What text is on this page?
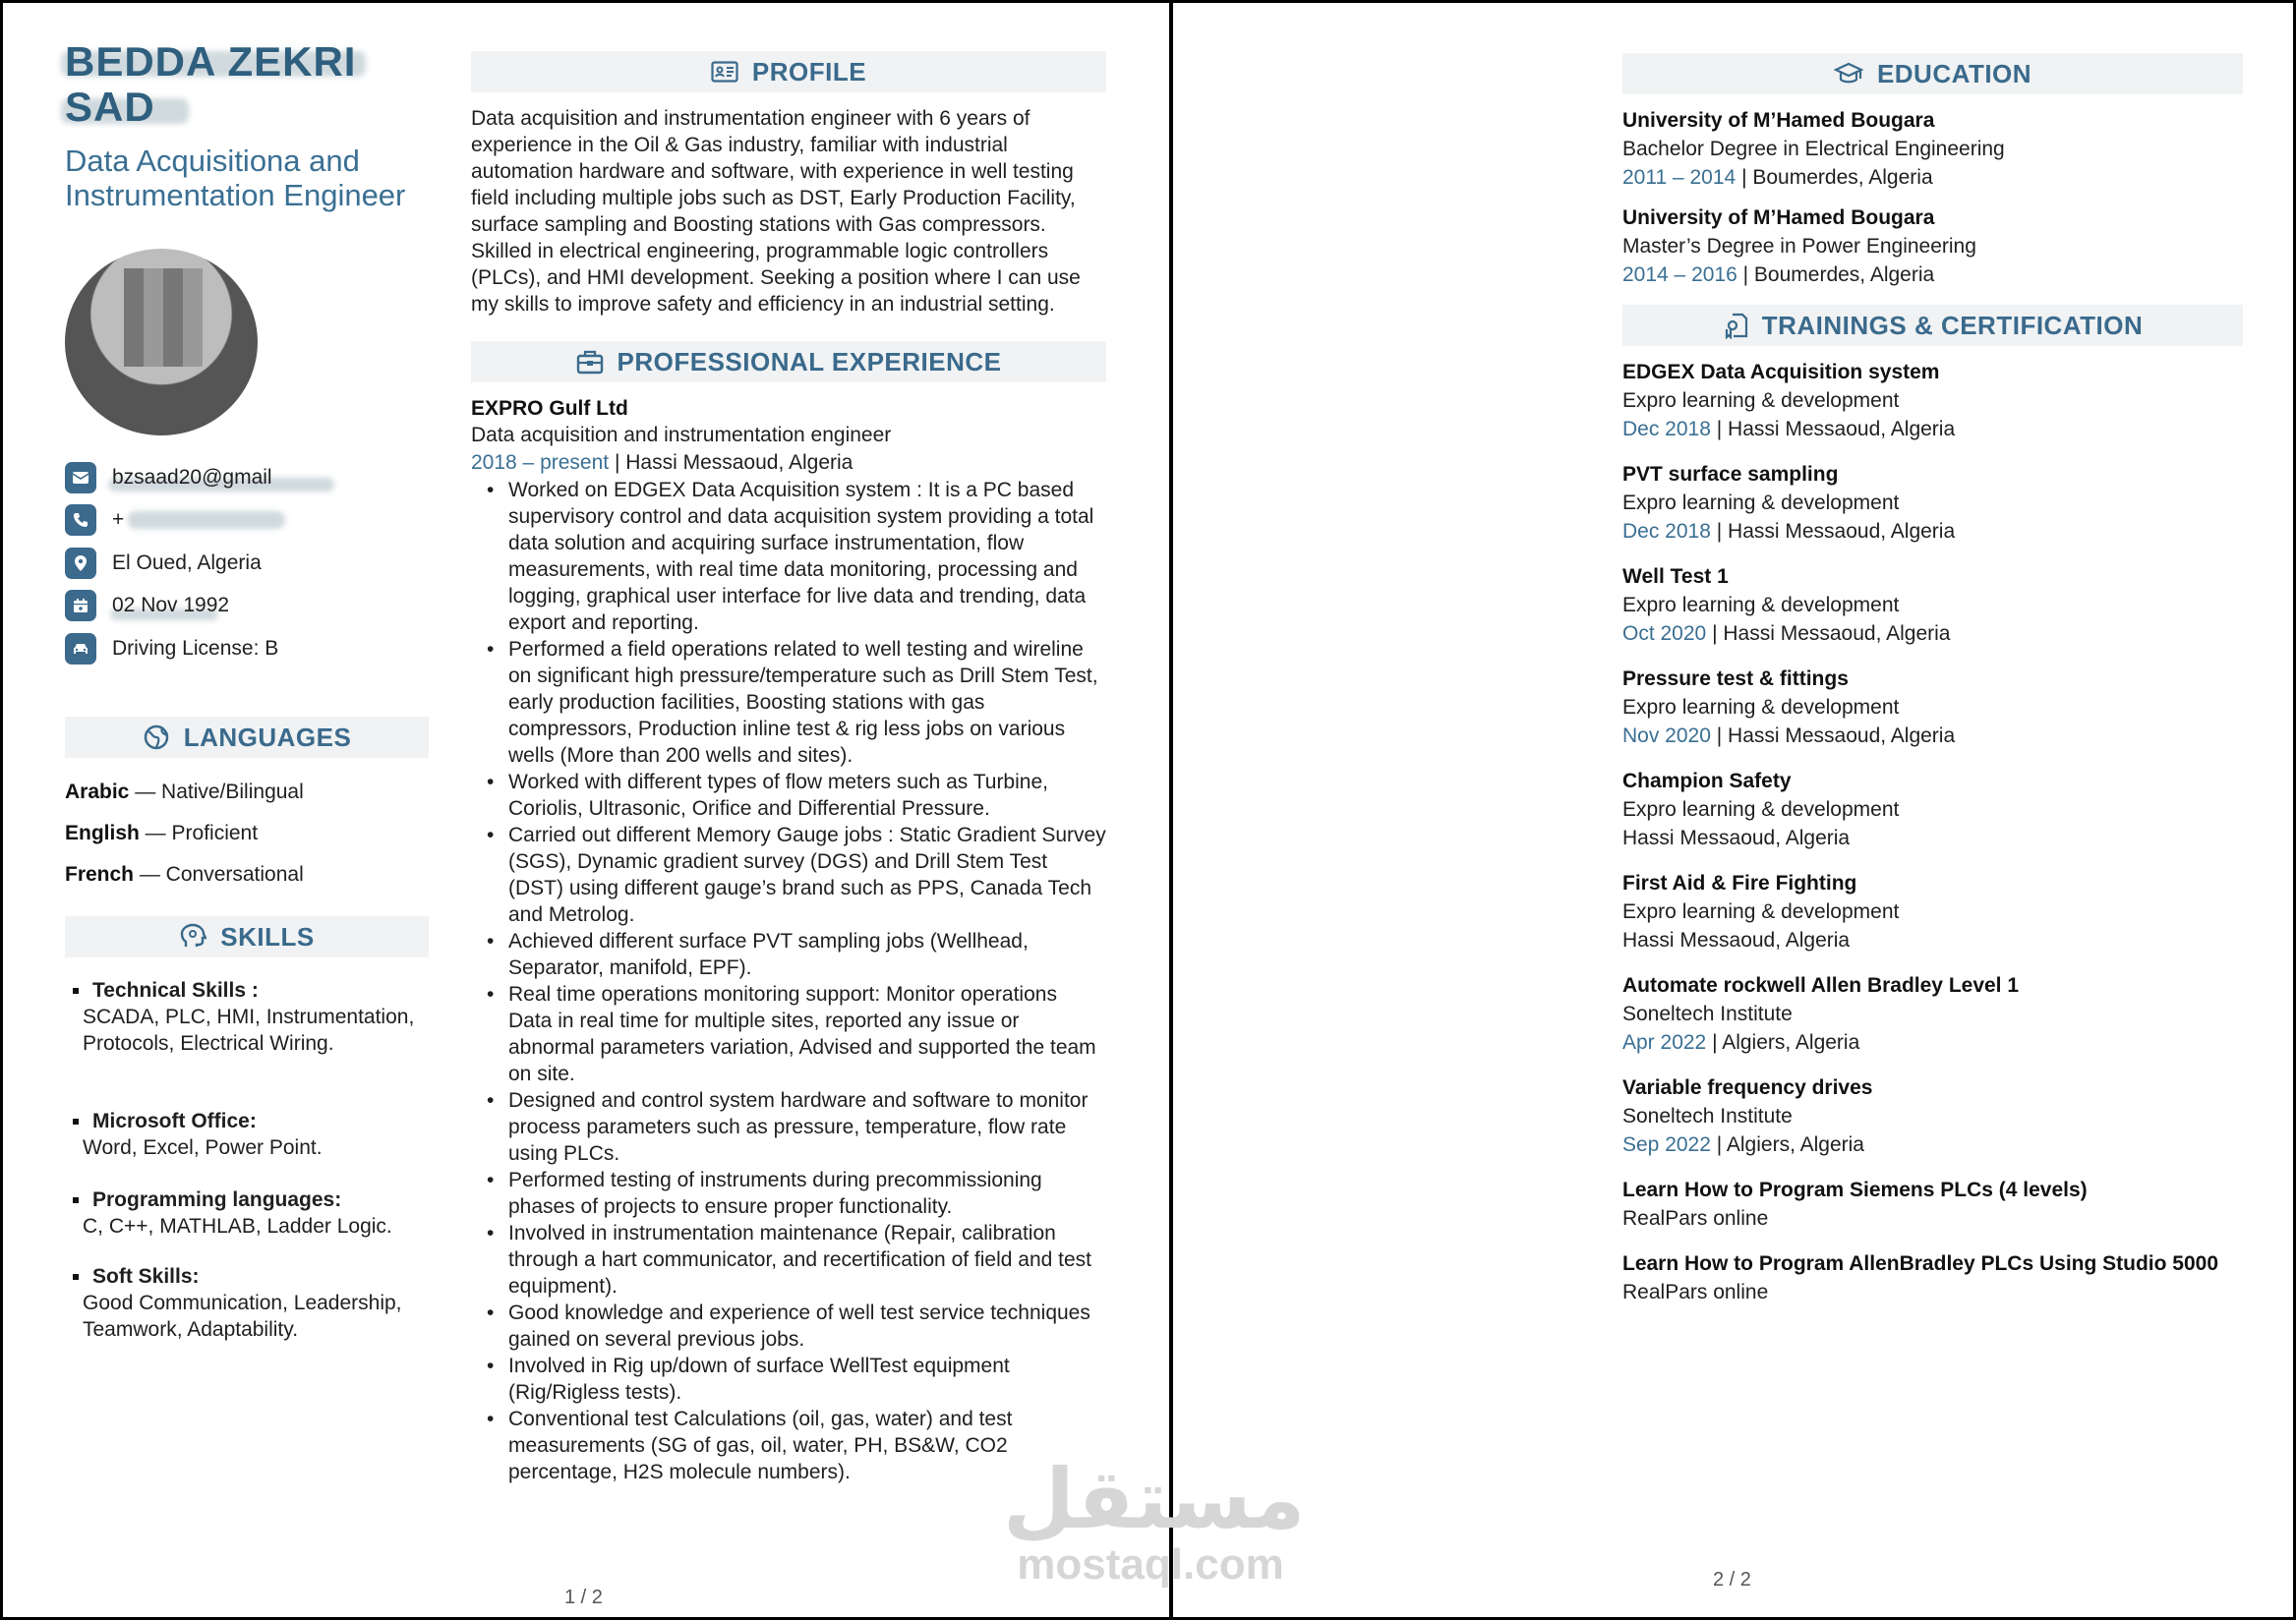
BEDDA ZEKRI SAD
Data Acquisitiona and Instrumentation Engineer
bzsaad20@gmail
+
El Oued, Algeria
02 Nov 1992
Driving License: B
LANGUAGES
Arabic — Native/Bilingual
English — Proficient
French — Conversational
SKILLS
Technical Skills :
SCADA, PLC, HMI, Instrumentation, Protocols, Electrical Wiring.
Microsoft Office:
Word, Excel, Power Point.
Programming languages:
C, C++, MATHLAB, Ladder Logic.
Soft Skills:
Good Communication, Leadership, Teamwork, Adaptability.
PROFILE

Data acquisition and instrumentation engineer with 6 years of experience in the Oil & Gas industry, familiar with industrial automation hardware and software, with experience in well testing field including multiple jobs such as DST, Early Production Facility, surface sampling and Boosting stations with Gas compressors. Skilled in electrical engineering, programmable logic controllers (PLCs), and HMI development. Seeking a position where I can use my skills to improve safety and efficiency in an industrial setting.

PROFESSIONAL EXPERIENCE
EXPRO Gulf Ltd
Data acquisition and instrumentation engineer
2018 – present | Hassi Messaoud, Algeria
• Worked on EDGEX Data Acquisition system : It is a PC based supervisory control and data acquisition system providing a total data solution and acquiring surface instrumentation, flow measurements, with real time data monitoring, processing and logging, graphical user interface for live data and trending, data export and reporting.
• Performed a field operations related to well testing and wireline on significant high pressure/temperature such as Drill Stem Test, early production facilities, Boosting stations with gas compressors, Production inline test & rig less jobs on various wells (More than 200 wells and sites).
• Worked with different types of flow meters such as Turbine, Coriolis, Ultrasonic, Orifice and Differential Pressure.
• Carried out different Memory Gauge jobs : Static Gradient Survey (SGS), Dynamic gradient survey (DGS) and Drill Stem Test (DST) using different gauge’s brand such as PPS, Canada Tech and Metrolog.
• Achieved different surface PVT sampling jobs (Wellhead, Separator, manifold, EPF).
• Real time operations monitoring support: Monitor operations Data in real time for multiple sites, reported any issue or abnormal parameters variation, Advised and supported the team on site.
• Designed and control system hardware and software to monitor process parameters such as pressure, temperature, flow rate using PLCs.
• Performed testing of instruments during precommissioning phases of projects to ensure proper functionality.
• Involved in instrumentation maintenance (Repair, calibration through a hart communicator, and recertification of field and test equipment).
• Good knowledge and experience of well test service techniques gained on several previous jobs.
• Involved in Rig up/down of surface WellTest equipment (Rig/Rigless tests).
• Conventional test Calculations (oil, gas, water) and test measurements (SG of gas, oil, water, PH, BS&W, CO2 percentage, H2S molecule numbers).
EDUCATION
University of M’Hamed Bougara
Bachelor Degree in Electrical Engineering
2011 – 2014 | Boumerdes, Algeria
University of M’Hamed Bougara
Master’s Degree in Power Engineering
2014 – 2016 | Boumerdes, Algeria
TRAININGS & CERTIFICATION
EDGEX Data Acquisition system
Expro learning & development
Dec 2018 | Hassi Messaoud, Algeria
PVT surface sampling
Expro learning & development
Dec 2018 | Hassi Messaoud, Algeria
Well Test 1
Expro learning & development
Oct 2020 | Hassi Messaoud, Algeria
Pressure test & fittings
Expro learning & development
Nov 2020 | Hassi Messaoud, Algeria
Champion Safety
Expro learning & development
Hassi Messaoud, Algeria
First Aid & Fire Fighting
Expro learning & development
Hassi Messaoud, Algeria
Automate rockwell Allen Bradley Level 1
Soneltech Institute
Apr 2022 | Algiers, Algeria
Variable frequency drives
Soneltech Institute
Sep 2022 | Algiers, Algeria
Learn How to Program Siemens PLCs (4 levels)
RealPars online
Learn How to Program AllenBradley PLCs Using Studio 5000
RealPars online
1 / 2
2 / 2
مستقل
mostaql.com
